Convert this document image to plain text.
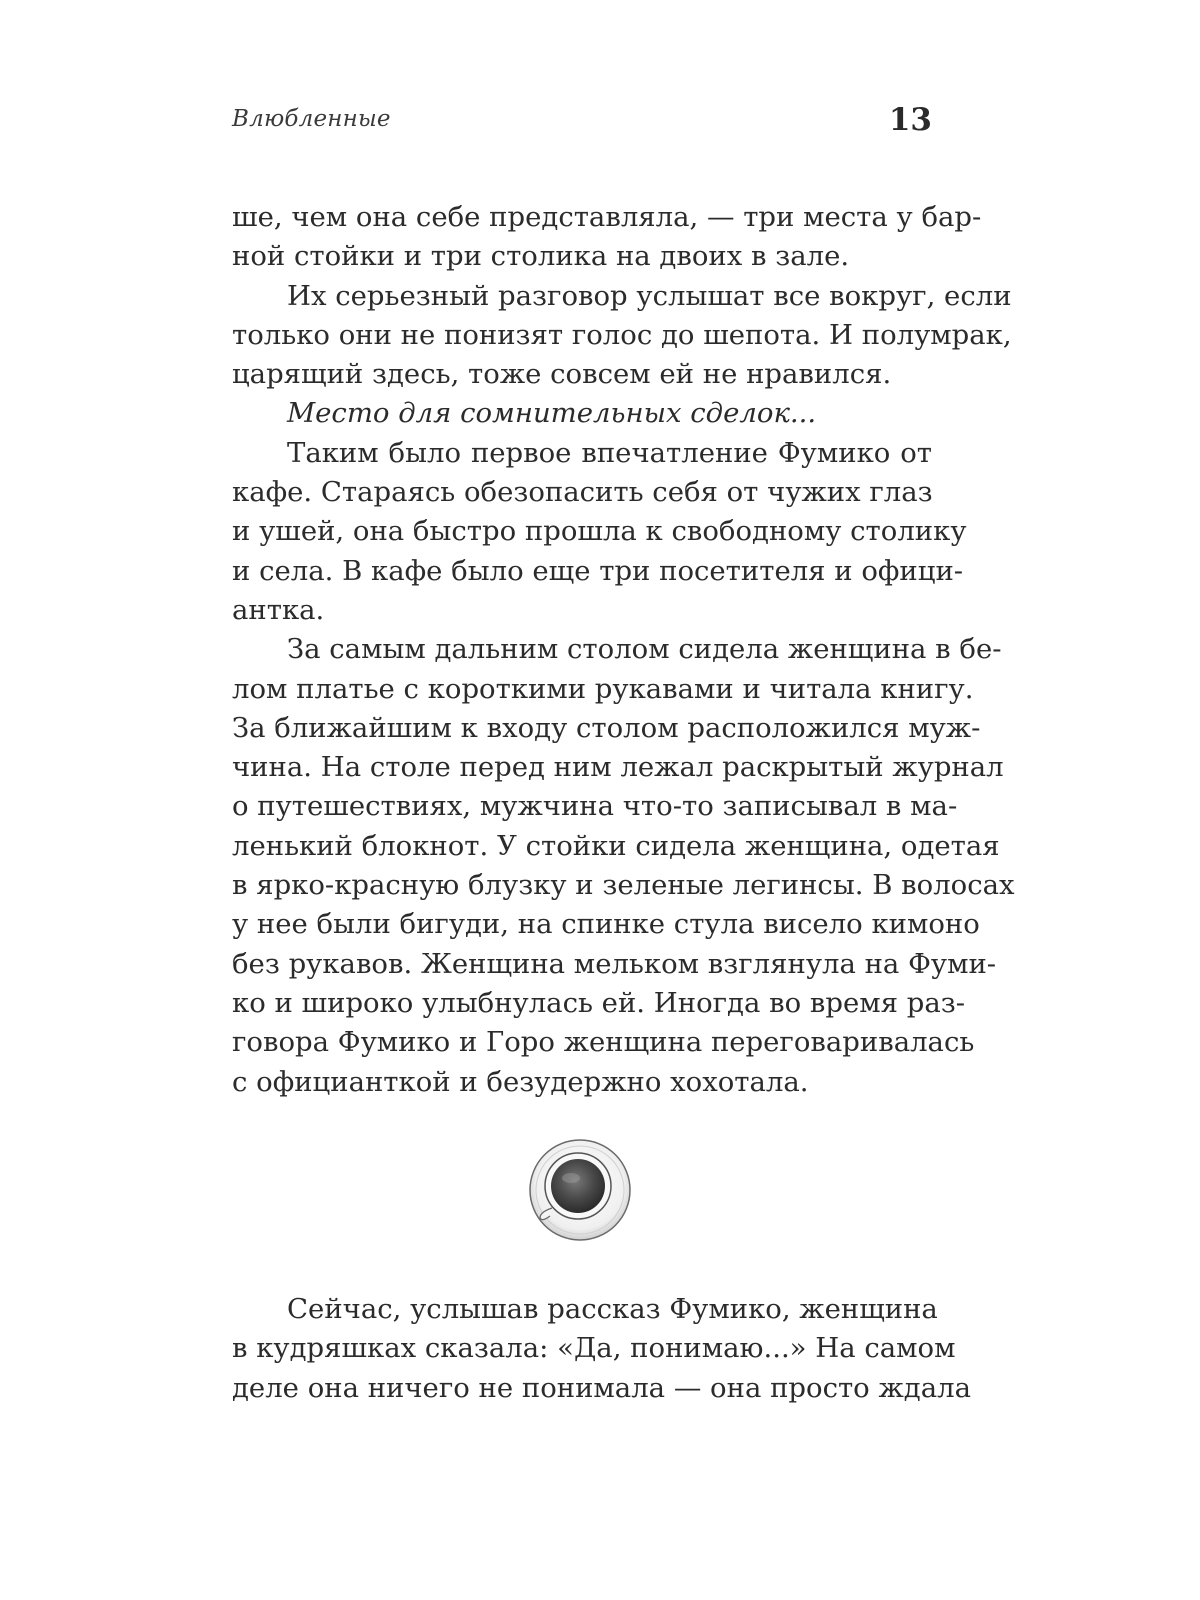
Влюбленные	13
ше, чем она себе представляла, — три места у бар-
ной стойки и три столика на двоих в зале.
Их серьезный разговор услышат все вокруг, если
только они не понизят голос до шепота. И полумрак,
царящий здесь, тоже совсем ей не нравился.
Место для сомнительных сделок...
Таким было первое впечатление Фумико от
кафе. Стараясь обезопасить себя от чужих глаз
и ушей, она быстро прошла к свободному столику
и села. В кафе было еще три посетителя и офици-
антка.
За самым дальним столом сидела женщина в бе-
лом платье с короткими рукавами и читала книгу.
За ближайшим к входу столом расположился муж-
чина. На столе перед ним лежал раскрытый журнал
о путешествиях, мужчина что-то записывал в ма-
ленький блокнот. У стойки сидела женщина, одетая
в ярко-красную блузку и зеленые легинсы. В волосах
у нее были бигуди, на спинке стула висело кимоно
без рукавов. Женщина мельком взглянула на Фуми-
ко и широко улыбнулась ей. Иногда во время раз-
говора Фумико и Горо женщина переговаривалась
с официанткой и безудержно хохотала.
Сейчас, услышав рассказ Фумико, женщина
в кудряшках сказала: «Да, понимаю...» На самом
деле она ничего не понимала — она просто ждала
